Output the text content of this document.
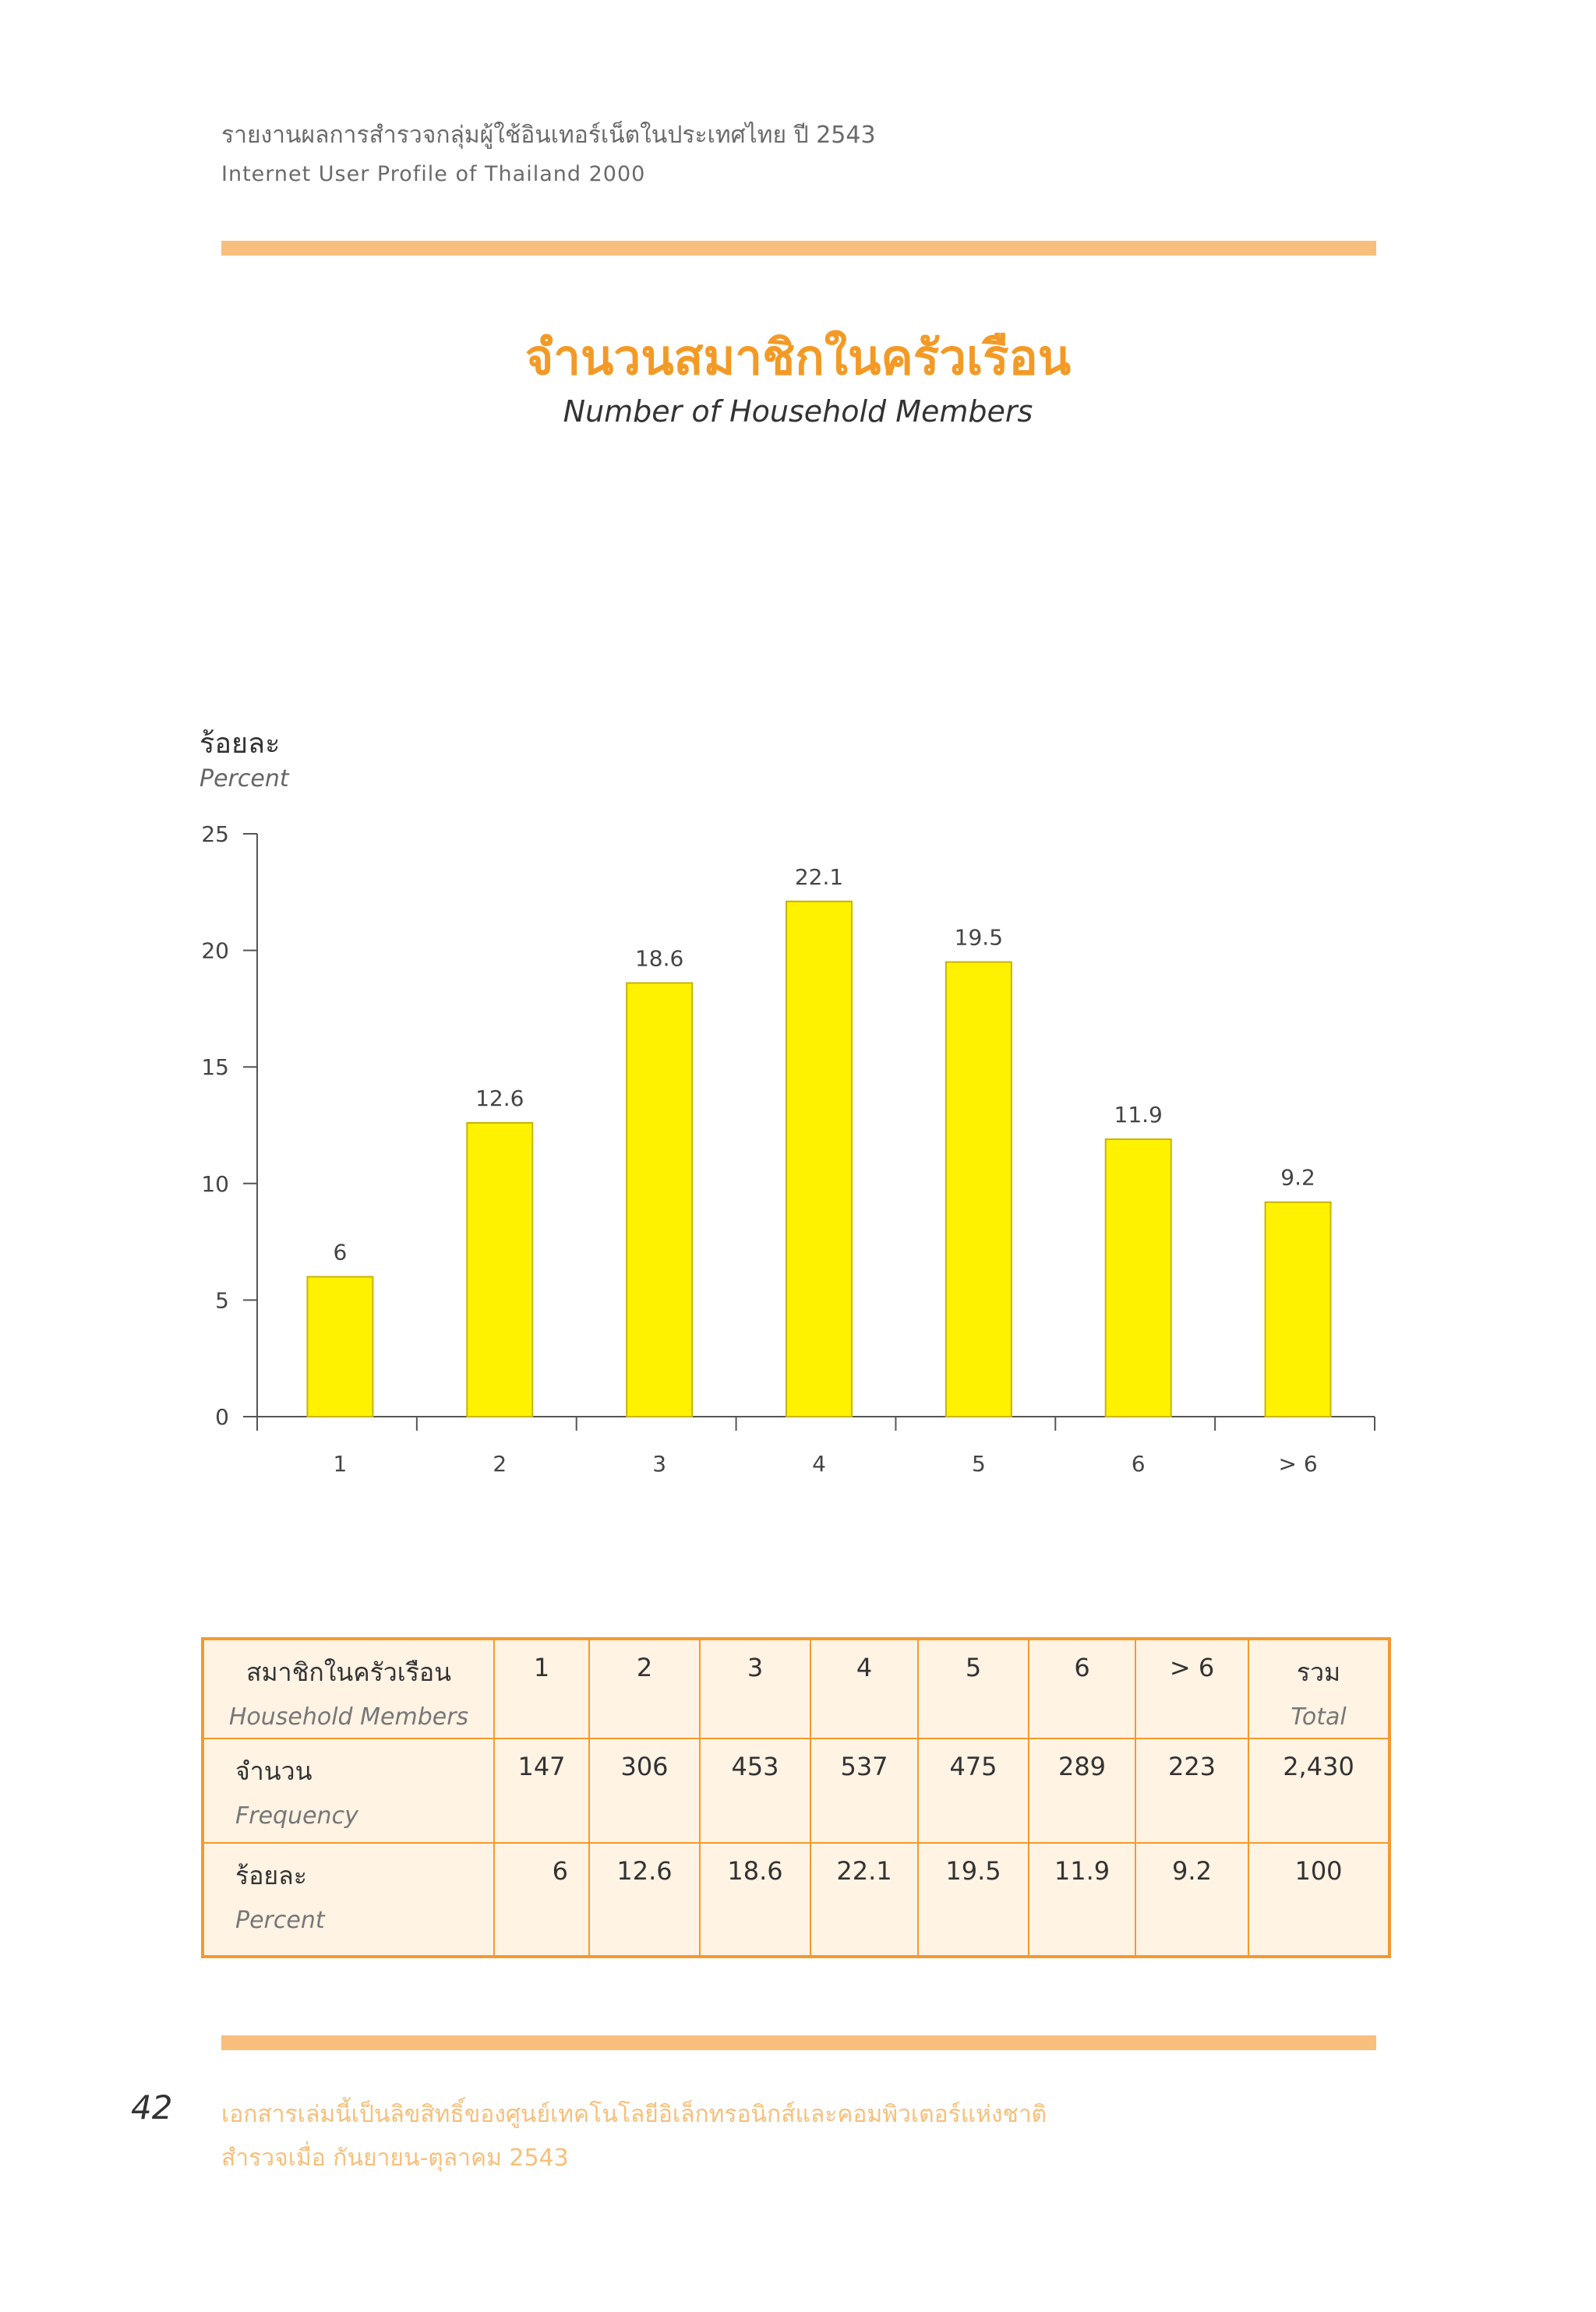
รายงานผลการสำรวจกลุ่มผู้ใช้อินเทอร์เน็ตในประเทศไทย ปี 2543
Internet User Profile of Thailand 2000
จำนวนสมาชิกในครัวเรือน
Number of Household Members
ร้อยละ
Percent
0
5
10
15
20
25
6
1
12.6
2
18.6
3
22.1
4
19.5
5
11.9
6
9.2
> 6
สมาชิกในครัวเรือน
Household Members	1	2	3	4	5	6	> 6	รวม
Total

จำนวน
Frequency	147	306	453	537	475	289	223	2,430
ร้อยละ
Percent	6	12.6	18.6	22.1	19.5	11.9	9.2	100
42 เอกสารเล่มนี้เป็นลิขสิทธิ์ของศูนย์เทคโนโลยีอิเล็กทรอนิกส์และคอมพิวเตอร์แห่งชาติ
สำรวจเมื่อ กันยายน-ตุลาคม 2543
